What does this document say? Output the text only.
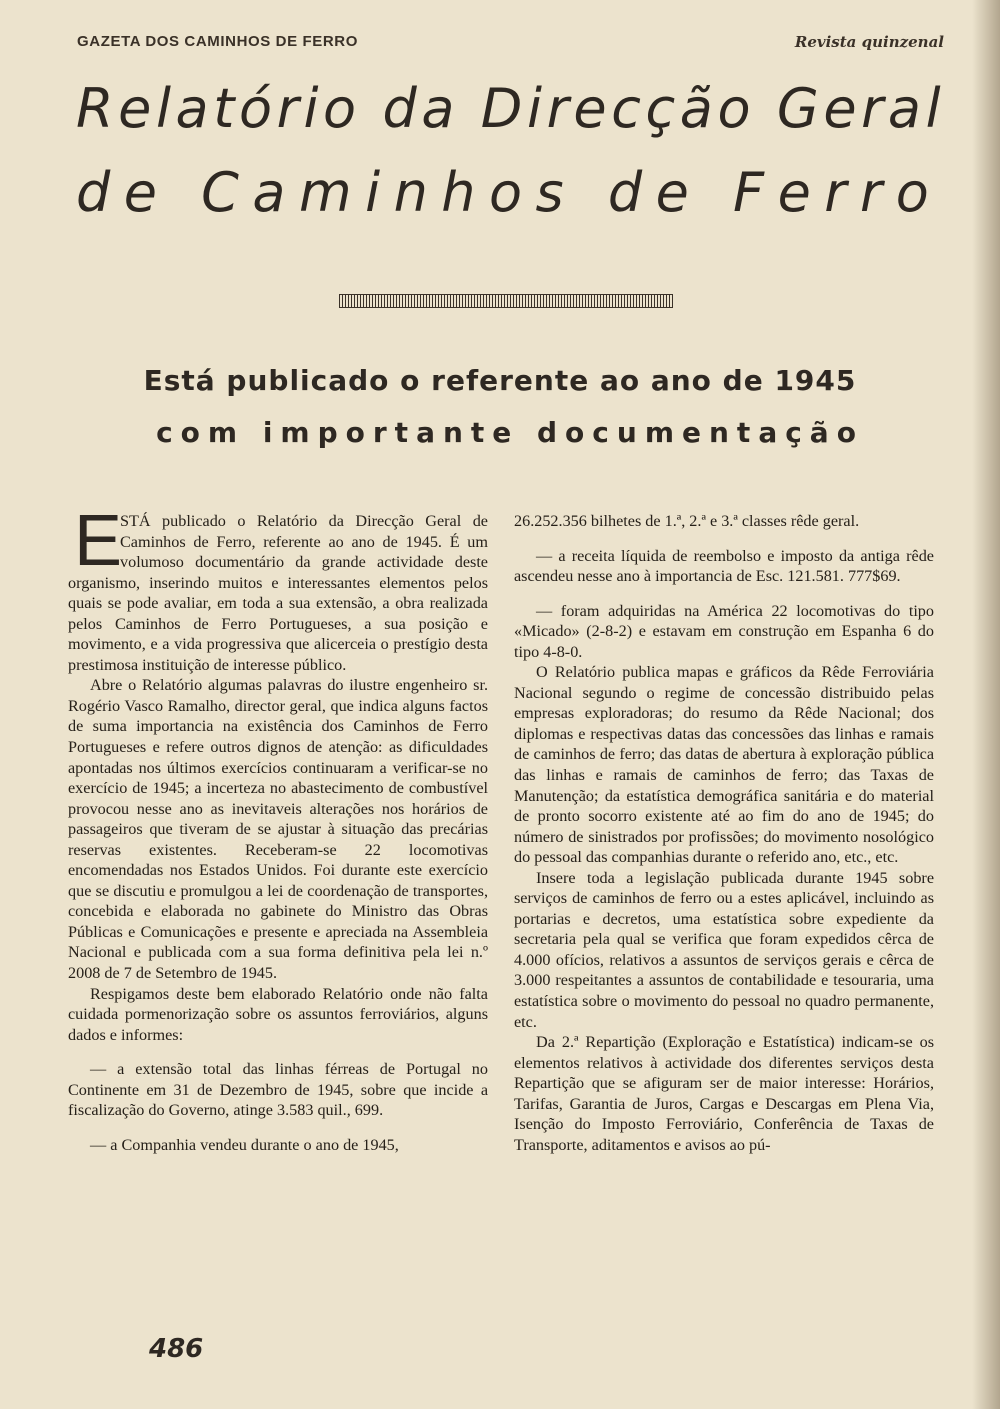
GAZETA DOS CAMINHOS DE FERRO	Revista quinzenal
Relatório da Direcção Geral
de Caminhos de Ferro
Está publicado o referente ao ano de 1945
com importante documentação

E
STÁ publicado o Relatório da Direcção Geral de Caminhos de Ferro, referente ao ano de 1945. É um volumoso documentário da grande actividade deste organismo, inserindo muitos e interessantes elementos pelos quais se pode avaliar, em toda a sua extensão, a obra realizada pelos Caminhos de Ferro Portugueses, a sua posição e movimento, e a vida progressiva que alicerceia o prestígio desta prestimosa instituição de interesse público.

Abre o Relatório algumas palavras do ilustre engenheiro sr. Rogério Vasco Ramalho, director geral, que indica alguns factos de suma importancia na existência dos Caminhos de Ferro Portugueses e refere outros dignos de atenção: as dificuldades apontadas nos últimos exercícios continuaram a verificar-se no exercício de 1945; a incerteza no abastecimento de combustível provocou nesse ano as inevitaveis alterações nos horários de passageiros que tiveram de se ajustar à situação das precárias reservas existentes. Receberam-se 22 locomotivas encomendadas nos Estados Unidos. Foi durante este exercício que se discutiu e promulgou a lei de coordenação de transportes, concebida e elaborada no gabinete do Ministro das Obras Públicas e Comunicações e presente e apreciada na Assembleia Nacional e publicada com a sua forma definitiva pela lei n.º 2008 de 7 de Setembro de 1945.

Respigamos deste bem elaborado Relatório onde não falta cuidada pormenorização sobre os assuntos ferroviários, alguns dados e informes:

— a extensão total das linhas férreas de Portugal no Continente em 31 de Dezembro de 1945, sobre que incide a fiscalização do Governo, atinge 3.583 quil., 699.

— a Companhia vendeu durante o ano de 1945,

26.252.356 bilhetes de 1.ª, 2.ª e 3.ª classes rêde geral.

— a receita líquida de reembolso e imposto da antiga rêde ascendeu nesse ano à importancia de Esc. 121.581. 777$69.

— foram adquiridas na América 22 locomotivas do tipo «Micado» (2-8-2) e estavam em construção em Espanha 6 do tipo 4-8-0.

O Relatório publica mapas e gráficos da Rêde Ferroviária Nacional segundo o regime de concessão distribuido pelas empresas exploradoras; do resumo da Rêde Nacional; dos diplomas e respectivas datas das concessões das linhas e ramais de caminhos de ferro; das datas de abertura à exploração pública das linhas e ramais de caminhos de ferro; das Taxas de Manutenção; da estatística demográfica sanitária e do material de pronto socorro existente até ao fim do ano de 1945; do número de sinistrados por profissões; do movimento nosológico do pessoal das companhias durante o referido ano, etc., etc.

Insere toda a legislação publicada durante 1945 sobre serviços de caminhos de ferro ou a estes aplicável, incluindo as portarias e decretos, uma estatística sobre expediente da secretaria pela qual se verifica que foram expedidos cêrca de 4.000 ofícios, relativos a assuntos de serviços gerais e cêrca de 3.000 respeitantes a assuntos de contabilidade e tesouraria, uma estatística sobre o movimento do pessoal no quadro permanente, etc.

Da 2.ª Repartição (Exploração e Estatística) indicam-se os elementos relativos à actividade dos diferentes serviços desta Repartição que se afiguram ser de maior interesse: Horários, Tarifas, Garantia de Juros, Cargas e Descargas em Plena Via, Isenção do Imposto Ferroviário, Conferência de Taxas de Transporte, aditamentos e avisos ao pú-

486
